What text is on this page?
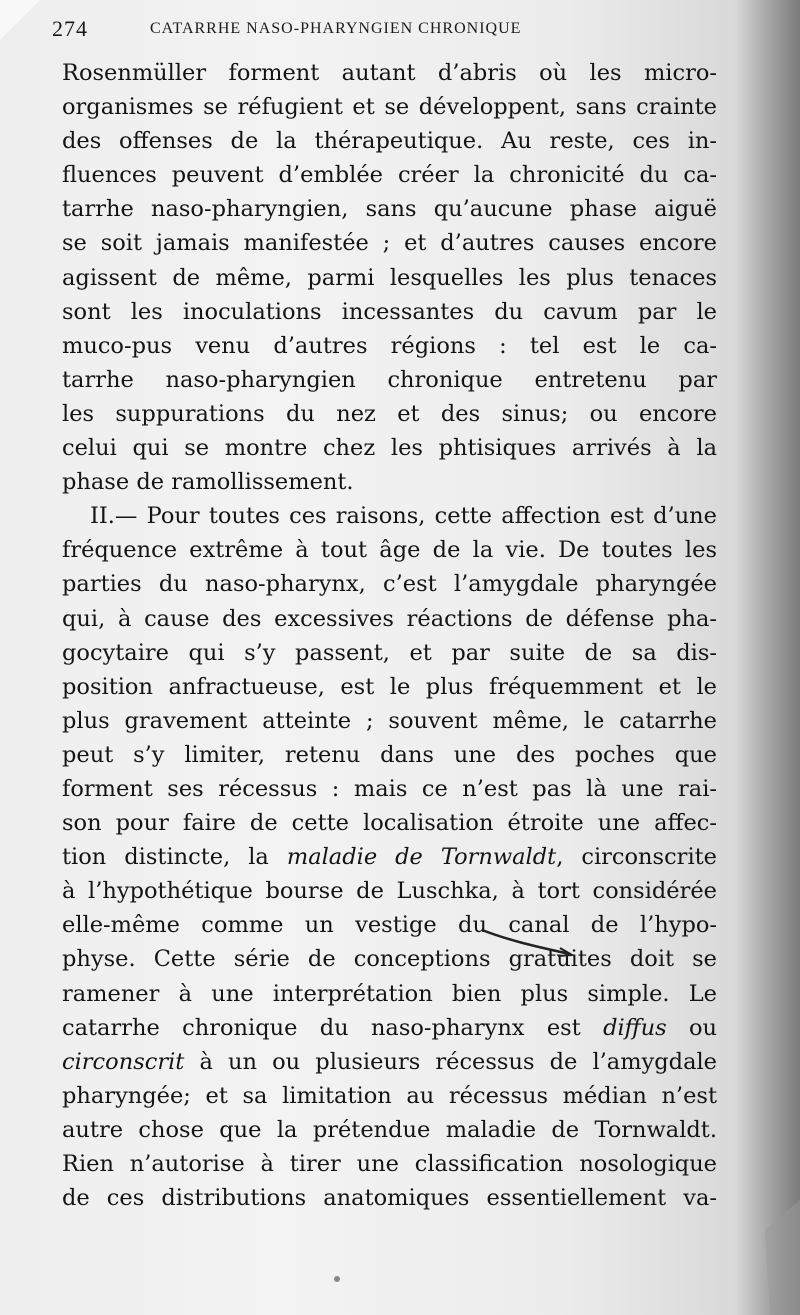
274	CATARRHE NASO-PHARYNGIEN CHRONIQUE
Rosenmüller forment autant d’abris où les micro-
organismes se réfugient et se développent, sans crainte
des offenses de la thérapeutique. Au reste, ces in-
fluences peuvent d’emblée créer la chronicité du ca-
tarrhe naso-pharyngien, sans qu’aucune phase aiguë
se soit jamais manifestée ; et d’autres causes encore
agissent de même, parmi lesquelles les plus tenaces
sont les inoculations incessantes du cavum par le
muco-pus venu d’autres régions : tel est le ca-
tarrhe naso-pharyngien chronique entretenu par
les suppurations du nez et des sinus; ou encore
celui qui se montre chez les phtisiques arrivés à la
phase de ramollissement.
II.— Pour toutes ces raisons, cette affection est d’une
fréquence extrême à tout âge de la vie. De toutes les
parties du naso-pharynx, c’est l’amygdale pharyngée
qui, à cause des excessives réactions de défense pha-
gocytaire qui s’y passent, et par suite de sa dis-
position anfractueuse, est le plus fréquemment et le
plus gravement atteinte ; souvent même, le catarrhe
peut s’y limiter, retenu dans une des poches que
forment ses récessus : mais ce n’est pas là une rai-
son pour faire de cette localisation étroite une affec-
tion distincte, la maladie de Tornwaldt, circonscrite
à l’hypothétique bourse de Luschka, à tort considérée
elle-même comme un vestige du canal de l’hypo-
physe. Cette série de conceptions gratuites doit se
ramener à une interprétation bien plus simple. Le
catarrhe chronique du naso-pharynx est diffus ou
circonscrit à un ou plusieurs récessus de l’amygdale
pharyngée; et sa limitation au récessus médian n’est
autre chose que la prétendue maladie de Tornwaldt.
Rien n’autorise à tirer une classification nosologique
de ces distributions anatomiques essentiellement va-
